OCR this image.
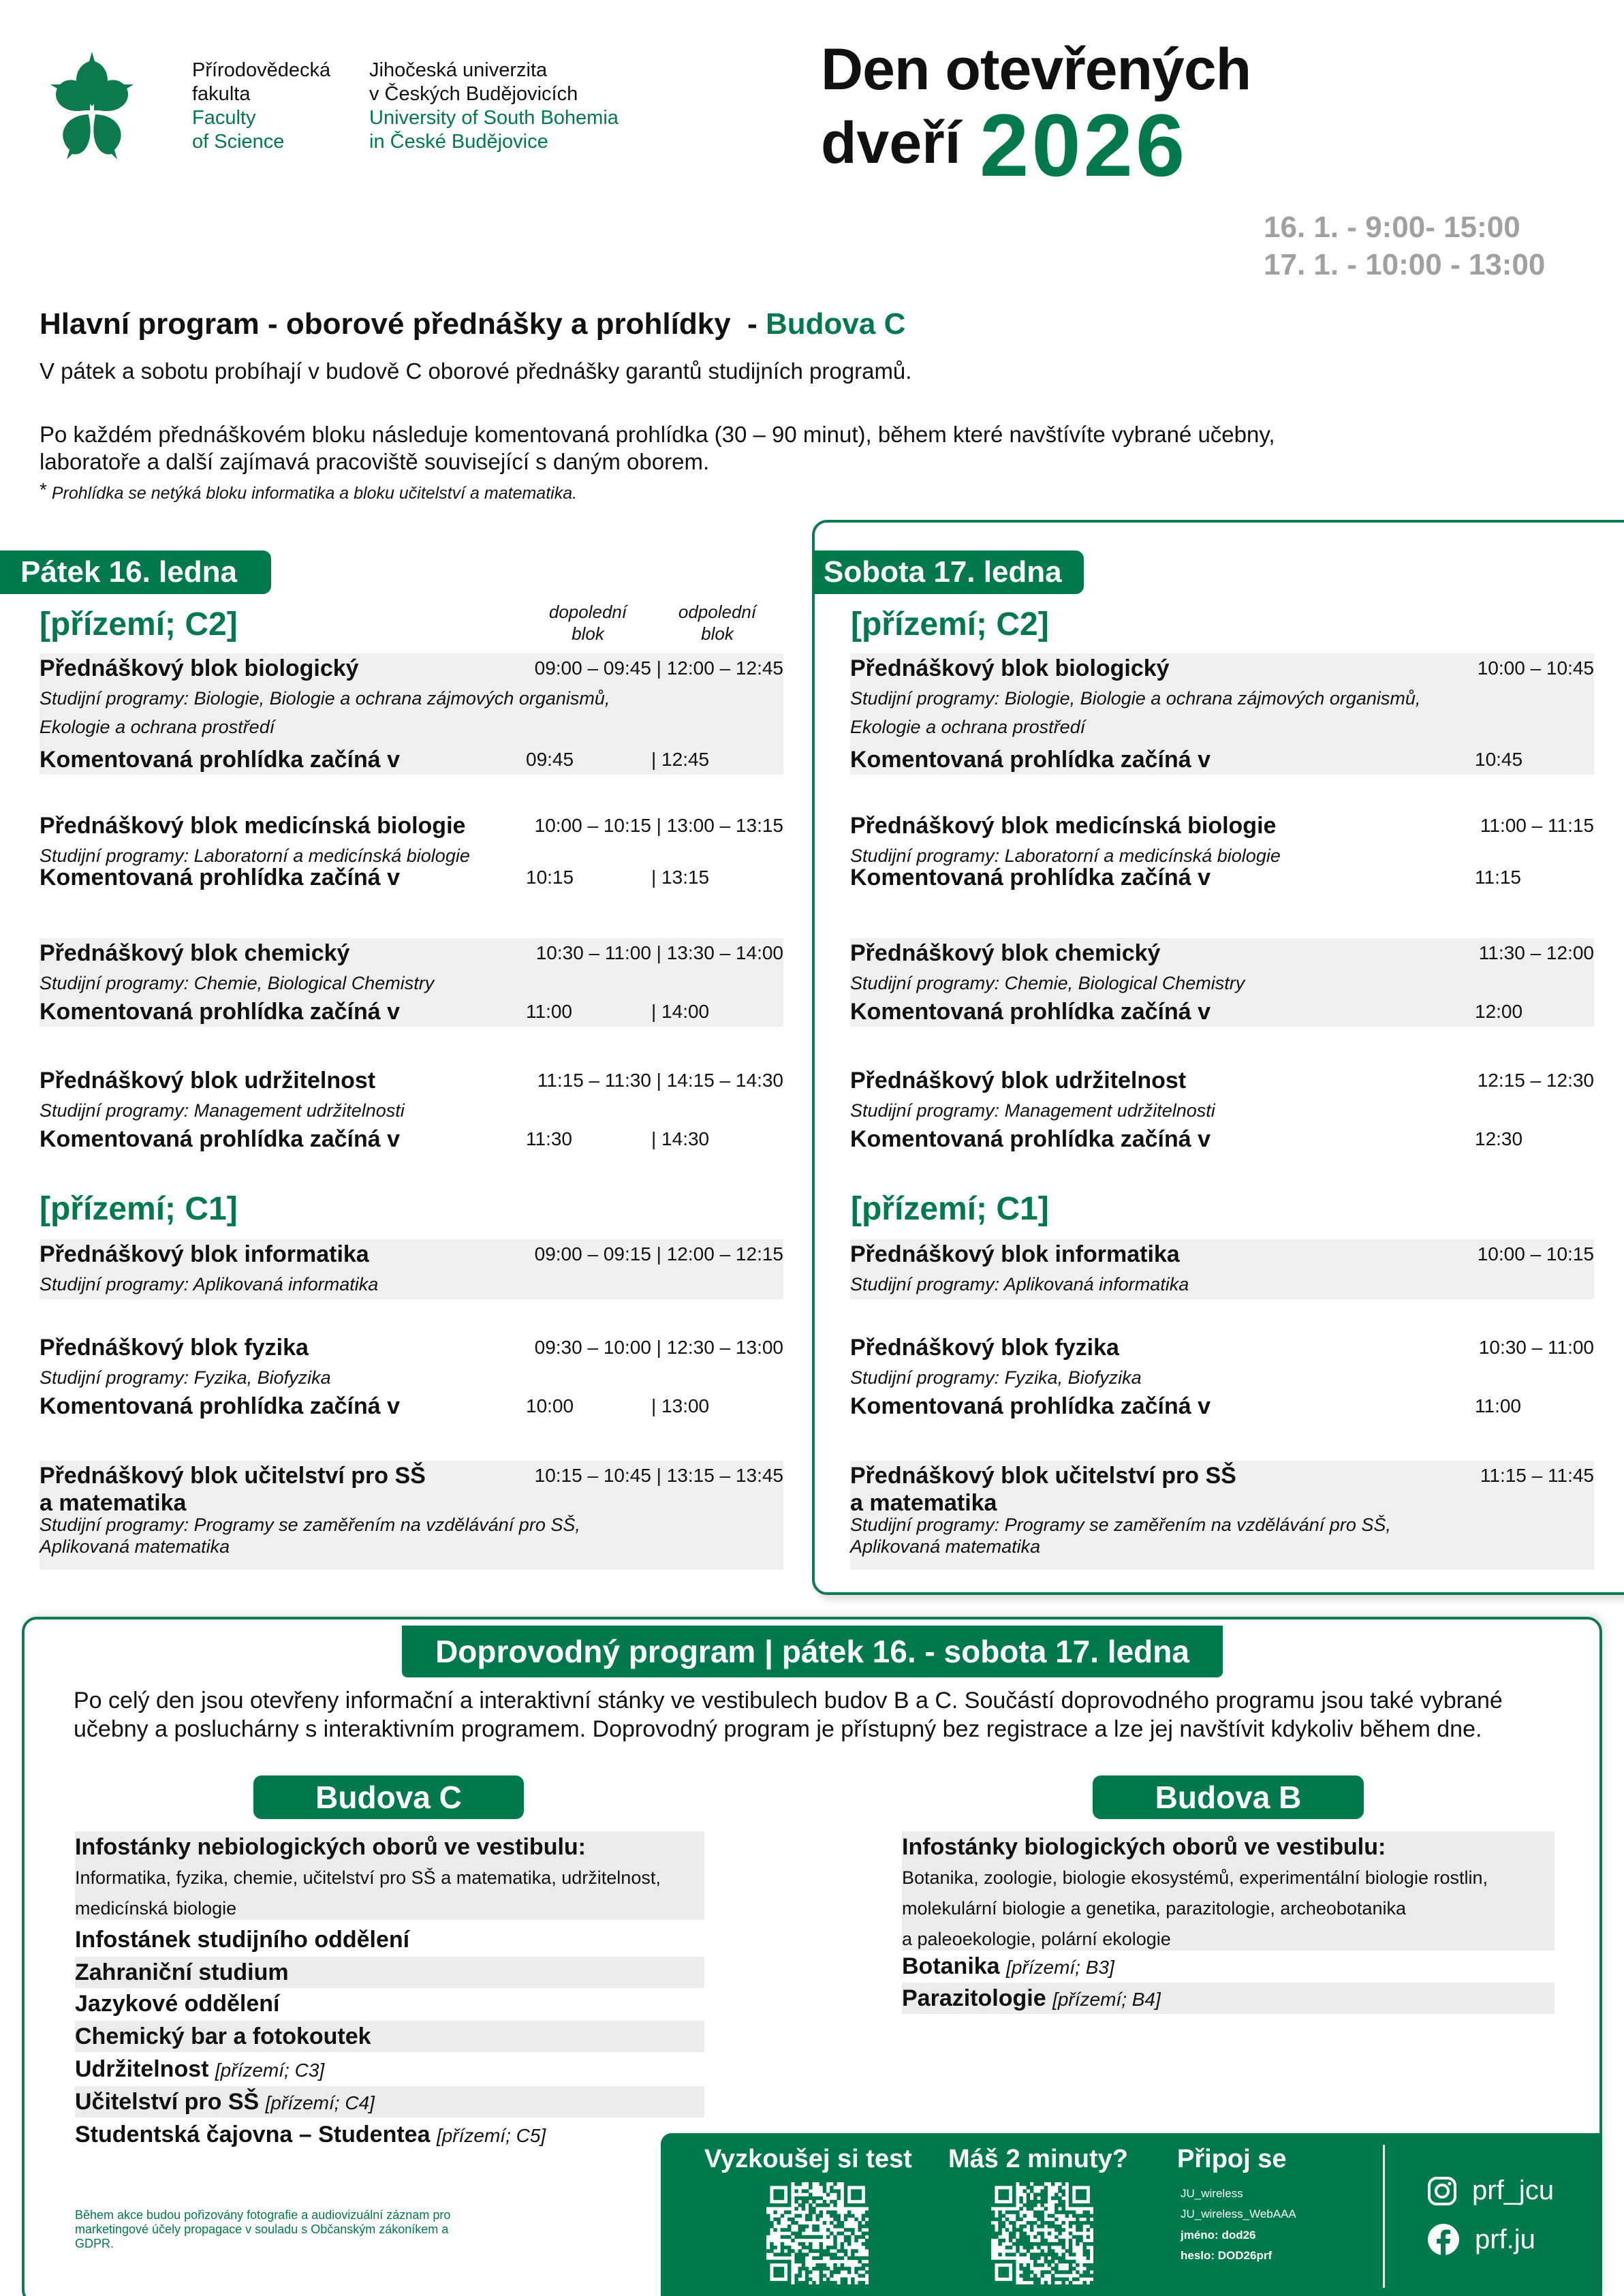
Přírodovědecká
fakulta
Faculty
of Science
Jihočeská univerzita
v Českých Budějovicích
University of South Bohemia
in České Budějovice
Den otevřených
dveří 2026
16. 1. - 9:00- 15:00
17. 1. - 10:00 - 13:00
Hlavní program - oborové přednášky a prohlídky  - Budova C
V pátek a sobotu probíhají v budově C oborové přednášky garantů studijních programů.
Po každém přednáškovém bloku následuje komentovaná prohlídka (30 – 90 minut), během které navštívíte vybrané učebny,
laboratoře a další zajímavá pracoviště související s daným oborem.
* Prohlídka se netýká bloku informatika a bloku učitelství a matematika.
Pátek 16. ledna
[přízemí; C2]	dopolední
blok
odpolední
blok
[přízemí; C1]
Přednáškový blok biologický	09:00 – 09:45 | 12:00 – 12:45
Studijní programy: Biologie, Biologie a ochrana zájmových organismů,
Ekologie a ochrana prostředí
Komentovaná prohlídka začíná v	09:45	| 12:45
Přednáškový blok medicínská biologie	10:00 – 10:15 | 13:00 – 13:15
Studijní programy: Laboratorní a medicínská biologie
Komentovaná prohlídka začíná v	10:15	| 13:15
Přednáškový blok chemický	10:30 – 11:00 | 13:30 – 14:00
Studijní programy: Chemie, Biological Chemistry
Komentovaná prohlídka začíná v	11:00	| 14:00
Přednáškový blok udržitelnost	11:15 – 11:30 | 14:15 – 14:30
Studijní programy: Management udržitelnosti
Komentovaná prohlídka začíná v	11:30	| 14:30
Přednáškový blok informatika	09:00 – 09:15 | 12:00 – 12:15
Studijní programy: Aplikovaná informatika
Přednáškový blok fyzika	09:30 – 10:00 | 12:30 – 13:00
Studijní programy: Fyzika, Biofyzika
Komentovaná prohlídka začíná v	10:00	| 13:00
Přednáškový blok učitelství pro SŠ	10:15 – 10:45 | 13:15 – 13:45
a matematika
Studijní programy: Programy se zaměřením na vzdělávání pro SŠ,
Aplikovaná matematika
Sobota 17. ledna
[přízemí; C2]
[přízemí; C1]
Přednáškový blok biologický	10:00 – 10:45
Studijní programy: Biologie, Biologie a ochrana zájmových organismů,
Ekologie a ochrana prostředí
Komentovaná prohlídka začíná v	10:45
Přednáškový blok medicínská biologie	11:00 – 11:15
Studijní programy: Laboratorní a medicínská biologie
Komentovaná prohlídka začíná v	11:15
Přednáškový blok chemický	11:30 – 12:00
Studijní programy: Chemie, Biological Chemistry
Komentovaná prohlídka začíná v	12:00
Přednáškový blok udržitelnost	12:15 – 12:30
Studijní programy: Management udržitelnosti
Komentovaná prohlídka začíná v	12:30
Přednáškový blok informatika	10:00 – 10:15
Studijní programy: Aplikovaná informatika
Přednáškový blok fyzika	10:30 – 11:00
Studijní programy: Fyzika, Biofyzika
Komentovaná prohlídka začíná v	11:00
Přednáškový blok učitelství pro SŠ	11:15 – 11:45
a matematika
Studijní programy: Programy se zaměřením na vzdělávání pro SŠ,
Aplikovaná matematika
Doprovodný program | pátek 16. - sobota 17. ledna
Po celý den jsou otevřeny informační a interaktivní stánky ve vestibulech budov B a C. Součástí doprovodného programu jsou také vybrané učebny a posluchárny s interaktivním programem. Doprovodný program je přístupný bez registrace a lze jej navštívit kdykoliv během dne.
Budova C	Budova B
Infostánky nebiologických oborů ve vestibulu:
Informatika, fyzika, chemie, učitelství pro SŠ a matematika, udržitelnost,
medicínská biologie
Infostánek studijního oddělení
Zahraniční studium
Jazykové oddělení
Chemický bar a fotokoutek
Udržitelnost [přízemí; C3]
Učitelství pro SŠ [přízemí; C4]
Studentská čajovna – Studentea [přízemí; C5]
Infostánky biologických oborů ve vestibulu:
Botanika, zoologie, biologie ekosystémů, experimentální biologie rostlin,
molekulární biologie a genetika, parazitologie, archeobotanika
a paleoekologie, polární ekologie
Botanika [přízemí; B3]
Parazitologie [přízemí; B4]
Během akce budou pořizovány fotografie a audiovizuální záznam pro marketingové účely propagace v souladu s Občanským zákoníkem a GDPR.
Vyzkoušej si test Máš 2 minuty? Připoj se
JU_wireless
JU_wireless_WebAAA
jméno: dod26
heslo: DOD26prf
prf_jcu
prf.ju
